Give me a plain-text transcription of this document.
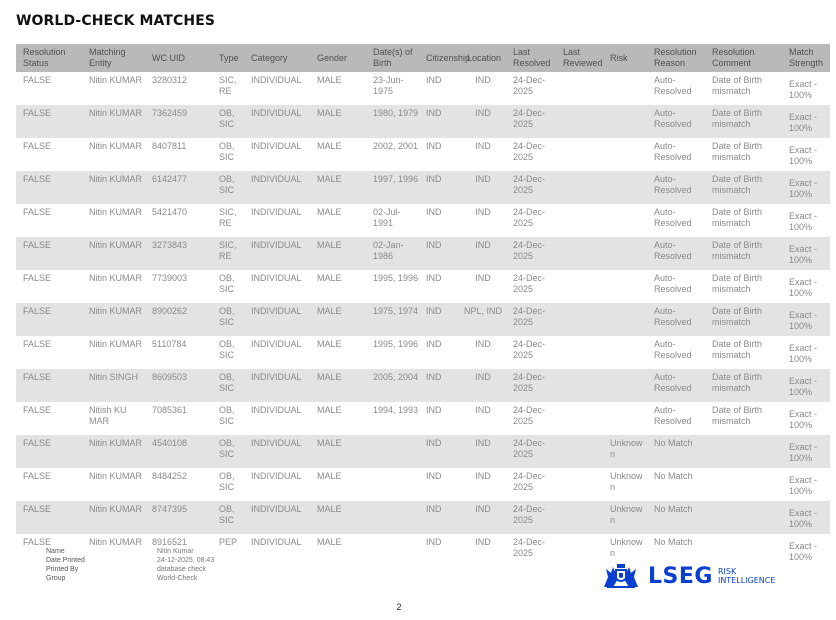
WORLD-CHECK MATCHES
Resolution Status	Matching Entity	WC UID	Type	Category	Gender	Date(s) of Birth	Citizenship	Location	Last Resolved	Last Reviewed	Risk	Resolution Reason	Resolution Comment	Match Strength
FALSE	Nitin KUMAR	3280312	SIC, RE	INDIVIDUAL	MALE	23-Jun-1975	IND	IND	24-Dec-2025			Auto-Resolved	Date of Birth mismatch	Exact - 100%
FALSE	Nitin KUMAR	7362459	OB, SIC	INDIVIDUAL	MALE	1980, 1979	IND	IND	24-Dec-2025			Auto-Resolved	Date of Birth mismatch	Exact - 100%
FALSE	Nitin KUMAR	8407811	OB, SIC	INDIVIDUAL	MALE	2002, 2001	IND	IND	24-Dec-2025			Auto-Resolved	Date of Birth mismatch	Exact - 100%
FALSE	Nitin KUMAR	6142477	OB, SIC	INDIVIDUAL	MALE	1997, 1996	IND	IND	24-Dec-2025			Auto-Resolved	Date of Birth mismatch	Exact - 100%
FALSE	Nitin KUMAR	5421470	SIC, RE	INDIVIDUAL	MALE	02-Jul-1991	IND	IND	24-Dec-2025			Auto-Resolved	Date of Birth mismatch	Exact - 100%
FALSE	Nitin KUMAR	3273843	SIC, RE	INDIVIDUAL	MALE	02-Jan-1986	IND	IND	24-Dec-2025			Auto-Resolved	Date of Birth mismatch	Exact - 100%
FALSE	Nitin KUMAR	7739003	OB, SIC	INDIVIDUAL	MALE	1995, 1996	IND	IND	24-Dec-2025			Auto-Resolved	Date of Birth mismatch	Exact - 100%
FALSE	Nitin KUMAR	8900262	OB, SIC	INDIVIDUAL	MALE	1975, 1974	IND	NPL, IND	24-Dec-2025			Auto-Resolved	Date of Birth mismatch	Exact - 100%
FALSE	Nitin KUMAR	5110784	OB, SIC	INDIVIDUAL	MALE	1995, 1996	IND	IND	24-Dec-2025			Auto-Resolved	Date of Birth mismatch	Exact - 100%
FALSE	Nitin SINGH	8609503	OB, SIC	INDIVIDUAL	MALE	2005, 2004	IND	IND	24-Dec-2025			Auto-Resolved	Date of Birth mismatch	Exact - 100%
FALSE	Nitish KU MAR	7085361	OB, SIC	INDIVIDUAL	MALE	1994, 1993	IND	IND	24-Dec-2025			Auto-Resolved	Date of Birth mismatch	Exact - 100%
FALSE	Nitin KUMAR	4540108	OB, SIC	INDIVIDUAL	MALE		IND	IND	24-Dec-2025		Unknown	No Match		Exact - 100%
FALSE	Nitin KUMAR	8484252	OB, SIC	INDIVIDUAL	MALE		IND	IND	24-Dec-2025		Unknown	No Match		Exact - 100%
FALSE	Nitin KUMAR	8747395	OB, SIC	INDIVIDUAL	MALE		IND	IND	24-Dec-2025		Unknown	No Match		Exact - 100%
FALSE	Nitin KUMAR	8916521	PEP	INDIVIDUAL	MALE		IND	IND	24-Dec-2025		Unknown	No Match		Exact - 100%
Name	Nitin Kumar
Date Printed	24-12-2025, 08:43
Printed By	database check
Group	World-Check	LSEG RISK
INTELLIGENCE
2
